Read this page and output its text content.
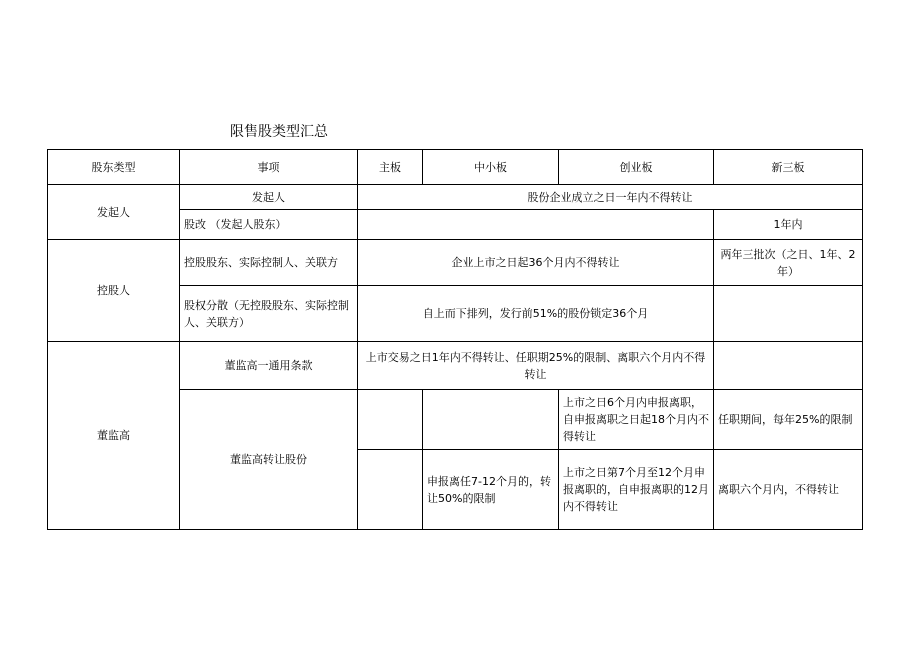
限售股类型汇总
股东类型	事项	主板	中小板	创业板	新三板
发起人	发起人	股份企业成立之日一年内不得转让			
	股改 （发起人股东）				1年内
控股人	控股股东、实际控制人、关联方	企业上市之日起36个月内不得转让			两年三批次（之日、1年、2年）
	股权分散（无控股股东、实际控制人、关联方）	自上而下排列，发行前51%的股份锁定36个月			
董监高	董监高一通用条款	上市交易之日1年内不得转让、任职期25%的限制、离职六个月内不得转让			
	董监高转让股份			上市之日6个月内申报离职，自申报离职之日起18个月内不得转让	任职期间，每年25%的限制
			申报离任7-12个月的，转让50%的限制	上市之日第7个月至12个月申报离职的，自申报离职的12月内不得转让	离职六个月内，不得转让
